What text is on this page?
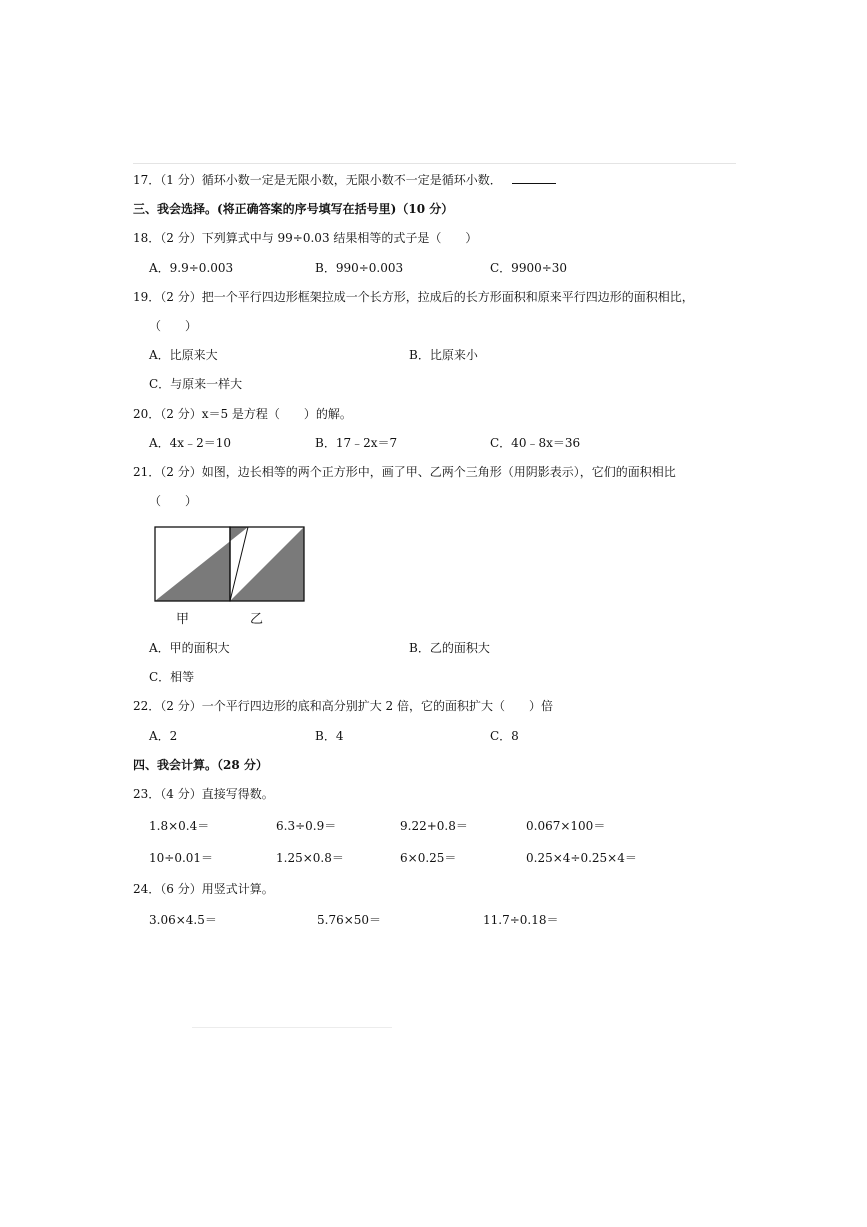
17．（1 分）循环小数一定是无限小数，无限小数不一定是循环小数．
三、我会选择。(将正确答案的序号填写在括号里)（10 分）
18．（2 分）下列算式中与 99÷0.03 结果相等的式子是（　　）
A．9.9÷0.003	B．990÷0.003	C．9900÷30
19．（2 分）把一个平行四边形框架拉成一个长方形，拉成后的长方形面积和原来平行四边形的面积相比，
（　　）
A．比原来大	B．比原来小
C．与原来一样大
20．（2 分）x＝5 是方程（　　）的解。
A．4x﹣2＝10	B．17﹣2x＝7	C．40﹣8x＝36
21．（2 分）如图，边长相等的两个正方形中，画了甲、乙两个三角形（用阴影表示），它们的面积相比
（　　）
甲	乙
A．甲的面积大	B．乙的面积大
C．相等
22．（2 分）一个平行四边形的底和高分别扩大 2 倍，它的面积扩大（　　）倍
A．2	B．4	C．8
四、我会计算。（28 分）
23．（4 分）直接写得数。
1.8×0.4＝	6.3÷0.9＝	9.22+0.8＝	0.067×100＝
10÷0.01＝	1.25×0.8＝	6×0.25＝	0.25×4÷0.25×4＝
24．（6 分）用竖式计算。
3.06×4.5＝	5.76×50＝	11.7÷0.18＝
